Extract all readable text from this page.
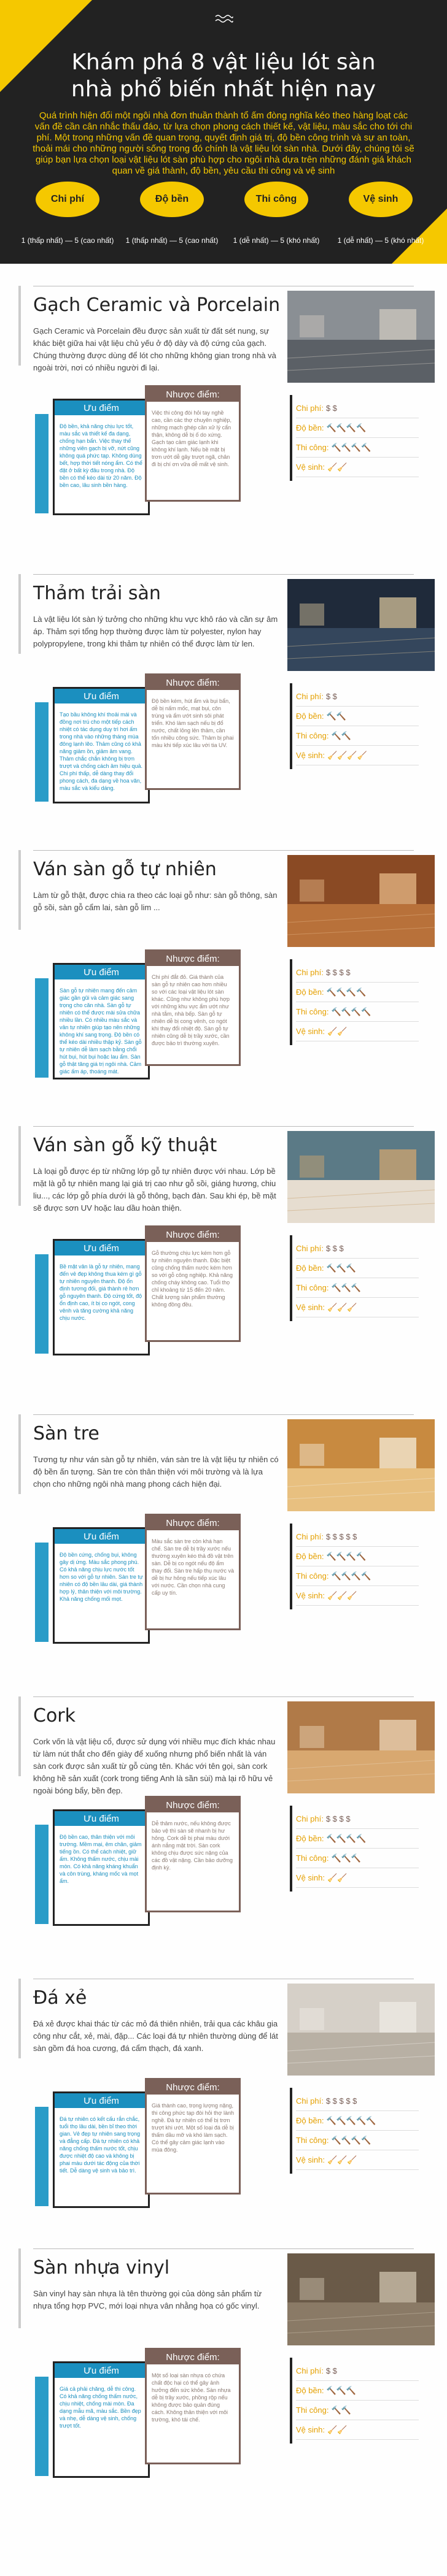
Khám phá 8 vật liệu lót sàn nhà phổ biến nhất hiện nay

Quá trình hiện đổi một ngôi nhà đơn thuần thành tổ ấm đòng nghĩa kéo theo hàng loạt các vấn đề cần cân nhắc thấu đáo, từ lựa chọn phong cách thiết kế, vật liệu, màu sắc cho tới chi phí. Một trong những vấn đề quan trọng, quyết định giá trị, độ bền công trình và sự an toàn, thoải mái cho những người sống trong đó chính là vật liệu lót sàn nhà. Dưới đây, chúng tôi sẽ giúp bạn lựa chọn loại vật liệu lót sàn phù hợp cho ngôi nhà dựa trên những đánh giá khách quan về giá thành, độ bền, yêu cầu thi công và vệ sinh

Chi phí	Độ bền	Thi công	Vệ sinh
1 (thấp nhất) — 5 (cao nhất)	1 (thấp nhất) — 5 (cao nhất)	1 (dễ nhất) — 5 (khó nhất)	1 (dễ nhất) — 5 (khó nhất)
Gạch Ceramic và Porcelain
Gạch Ceramic và Porcelain đều được sản xuất từ đất sét nung, sự khác biệt giữa hai vật liệu chủ yếu ở độ dày và độ cứng của gạch. Chúng thường được dùng để lót cho những không gian trong nhà và ngoài trời, nơi có nhiều người đi lại.
Ưu điểm
Độ bền, khả năng chịu lực tốt, màu sắc và thiết kế đa dạng, chống hạn bẩn. Việc thay thế những viên gạch bị vỡ, nứt cũng không quá phức tạp. Không dùng bết, hợp thời tiết nóng ẩm. Có thể đặt ở bất kỳ đâu trong nhà. Độ bền có thể kéo dài từ 20 năm. Độ bền cao, lâu sinh bền hàng.
Nhược điểm:
Việc thi công đòi hỏi tay nghề cao, cần các thợ chuyên nghiệp, những mạch ghép cần xử lý cẩn thận, không dễ bị ố do xứng. Gạch tạo cảm giác lạnh khi không khí lạnh. Nếu bề mặt bị trơn ướt dễ gây trượt ngã, chân đi bị chí ơn vữa dễ mất vệ sinh.
Chi phí: $ $
Độ bền: 🔨🔨🔨🔨
Thi công: 🔨🔨🔨🔨
Vệ sinh: 🧹🧹
Thảm trải sàn
Là vật liệu lót sàn lý tưởng cho những khu vực khô ráo và cần sự âm áp. Thảm sợi tổng hợp thường được làm từ polyester, nylon hay polypropylene, trong khi thảm tự nhiên có thể được làm từ len.
Ưu điểm
Tạo bầu không khí thoải mái và đồng nơi trú cho một tiếp cách nhiệt có tác dụng duy trì hơi ấm trong nhà vào những tháng mùa đông lạnh lẽo. Thảm cũng có khả năng giảm ồn, giảm âm vang. Thảm chắc chắn không bị trơn trượt và chống cách âm hiệu quả. Chi phí thấp, dễ dàng thay đổi phong cách, đa dạng về hoa văn, màu sắc và kiểu dáng.
Nhược điểm:
Độ bền kém, hút ẩm và bụi bẩn, dễ bị nấm mốc, mạt bụi, côn trùng và ẩm ướt sinh sôi phát triển. Khó làm sạch nếu bị đổ nước, chất lỏng lên thảm, cần tốn nhiều công sức. Thảm bị phai màu khi tiếp xúc lâu với tia UV.
Chi phí: $ $
Độ bền: 🔨🔨
Thi công: 🔨🔨
Vệ sinh: 🧹🧹🧹🧹
Ván sàn gỗ tự nhiên
Làm từ gỗ thật, được chia ra theo các loại gỗ như: sàn gỗ thông, sàn gỗ sồi, sàn gỗ cẩm lai, sàn gỗ lim ...
Ưu điểm
Sàn gỗ tự nhiên mang đến cảm giác gần gũi và cảm giác sang trọng cho căn nhà. Sàn gỗ tự nhiên có thể được mài sửa chữa nhiều lần. Có nhiều màu sắc và vân tự nhiên giúp tạo nên những không khí sang trọng. Độ bền có thể kéo dài nhiều thập kỷ. Sàn gỗ tự nhiên dễ làm sạch bằng chổi hút bụi, hút bụi hoặc lau ẩm. Sàn gỗ thật tăng giá trị ngôi nhà. Cảm giác ấm áp, thoáng mát.
Nhược điểm:
Chi phí đắt đỏ. Giá thành của sàn gỗ tự nhiên cao hơn nhiều so với các loại vật liệu lót sàn khác. Cũng như không phù hợp với những khu vực ẩm ướt như nhà tắm, nhà bếp. Sàn gỗ tự nhiên dễ bị cong vênh, co ngót khi thay đổi nhiệt độ. Sàn gỗ tự nhiên cũng dễ bị trầy xước, cần được bảo trì thường xuyên.
Chi phí: $ $ $ $
Độ bền: 🔨🔨🔨🔨
Thi công: 🔨🔨🔨🔨
Vệ sinh: 🧹🧹
Ván sàn gỗ kỹ thuật
Là loại gỗ được ép từ những lớp gỗ tự nhiên được với nhau. Lớp bề mặt là gỗ tự nhiên mang lại giá trị cao như gỗ sồi, giáng hương, chiu liu..., các lớp gỗ phía dưới là gỗ thông, bạch đàn. Sau khi ép, bề mặt sẽ được sơn UV hoặc lau dầu hoàn thiện.
Ưu điểm
Bề mặt vân là gỗ tự nhiên, mang đến vẻ đẹp không thua kém gì gỗ tự nhiên nguyên thanh. Độ ổn định tương đối, giá thành rẻ hơn gỗ nguyên thanh. Độ cứng tốt, độ ổn định cao, ít bị co ngót, cong vênh và tăng cường khả năng chịu nước.
Nhược điểm:
Gỗ thường chịu lực kém hơn gỗ tự nhiên nguyên thanh. Đặc biệt cũng chống thấm nước kém hơn so với gỗ công nghiệp. Khả năng chống cháy không cao. Tuổi thọ chỉ khoảng từ 15 đến 20 năm. Chất lượng sản phẩm thường không đồng đều.
Chi phí: $ $ $
Độ bền: 🔨🔨🔨
Thi công: 🔨🔨🔨
Vệ sinh: 🧹🧹🧹
Sàn tre
Tương tự như ván sàn gỗ tự nhiên, ván sàn tre là vật liệu tự nhiên có độ bền ấn tượng. Sàn tre còn thân thiện với môi trường và là lựa chọn cho những ngôi nhà mang phong cách hiện đại.
Ưu điểm
Độ bền cứng, chống bụi, không gây dị ứng. Màu sắc phong phú. Có khả năng chịu lực nước tốt hơn so với gỗ tự nhiên. Sàn tre tự nhiên có độ bền lâu dài, giá thành hợp lý, thân thiện với môi trường. Khả năng chống mối mọt.
Nhược điểm:
Màu sắc sàn tre còn khá hạn chế. Sàn tre dễ bị trầy xước nếu thường xuyên kéo thả đồ vật trên sàn. Dễ bị co ngót nếu độ ẩm thay đổi. Sàn tre hấp thụ nước và dễ bị hư hỏng nếu tiếp xúc lâu với nước. Cần chọn nhà cung cấp uy tín.
Chi phí: $ $ $ $ $
Độ bền: 🔨🔨🔨🔨
Thi công: 🔨🔨🔨🔨
Vệ sinh: 🧹🧹🧹
Cork
Cork vốn là vật liệu cổ, được sử dụng với nhiều mục đích khác nhau từ làm nút thắt cho đến giày để xuống nhưng phổ biến nhất là ván sàn cork được sản xuất từ gỗ cùng tên. Khác với tên gọi, sàn cork không hề sản xuất (cork trong tiếng Anh là sần sùi) mà lại rõ hữu vẻ ngoài bóng bẩy, bền đẹp.
Ưu điểm
Độ bền cao, thân thiện với môi trường. Mềm mại, êm chân, giảm tiếng ồn. Có thể cách nhiệt, giữ ấm. Không thấm nước, chịu mài mòn. Có khả năng kháng khuẩn và côn trùng, kháng mốc và mọt ẩm.
Nhược điểm:
Dễ thâm nước, nếu không được bảo vệ thì sàn sẽ nhanh bị hư hỏng. Cork dễ bị phai màu dưới ánh nắng mặt trời. Sàn cork không chịu được sức nặng của các đồ vật nặng. Cần bảo dưỡng định kỳ.
Chi phí: $ $ $ $
Độ bền: 🔨🔨🔨🔨
Thi công: 🔨🔨🔨
Vệ sinh: 🧹🧹
Đá xẻ
Đá xẻ được khai thác từ các mỏ đá thiên nhiên, trải qua các khâu gia công như cắt, xẻ, mài, đặp... Các loại đá tự nhiên thường dùng để lát sàn gồm đá hoa cương, đá cẩm thạch, đá xanh.
Ưu điểm
Đá tự nhiên có kết cấu rắn chắc, tuổi thọ lâu dài, bền bỉ theo thời gian. Vẻ đẹp tự nhiên sang trọng và đẳng cấp. Đá tự nhiên có khả năng chống thấm nước tốt, chịu được nhiệt độ cao và không bị phai màu dưới tác động của thời tiết. Dễ dàng vệ sinh và bảo trì.
Nhược điểm:
Giá thành cao, trọng lượng nặng, thi công phức tạp đòi hỏi thợ lành nghề. Đá tự nhiên có thể bị trơn trượt khi ướt. Một số loại đá dễ bị thấm dầu mỡ và khó làm sạch. Có thể gây cảm giác lạnh vào mùa đông.
Chi phí: $ $ $ $ $
Độ bền: 🔨🔨🔨🔨🔨
Thi công: 🔨🔨🔨🔨
Vệ sinh: 🧹🧹🧹
Sàn nhựa vinyl
Sàn vinyl hay sàn nhựa là tên thường gọi của dòng sản phẩm từ nhựa tổng hợp PVC, mới loại nhựa vân nhằng họa có gốc vinyl.
Ưu điểm
Giá cả phải chăng, dễ thi công. Có khả năng chống thấm nước, chịu nhiệt, chống mài mòn. Đa dạng mẫu mã, màu sắc. Bền đẹp và nhẹ, dễ dàng vệ sinh, chống trượt tốt.
Nhược điểm:
Một số loại sàn nhựa có chứa chất độc hại có thể gây ảnh hưởng đến sức khỏe. Sàn nhựa dễ bị trầy xước, phồng rộp nếu không được bảo quản đúng cách. Không thân thiện với môi trường, khó tái chế.
Chi phí: $ $
Độ bền: 🔨🔨🔨
Thi công: 🔨🔨
Vệ sinh: 🧹🧹
